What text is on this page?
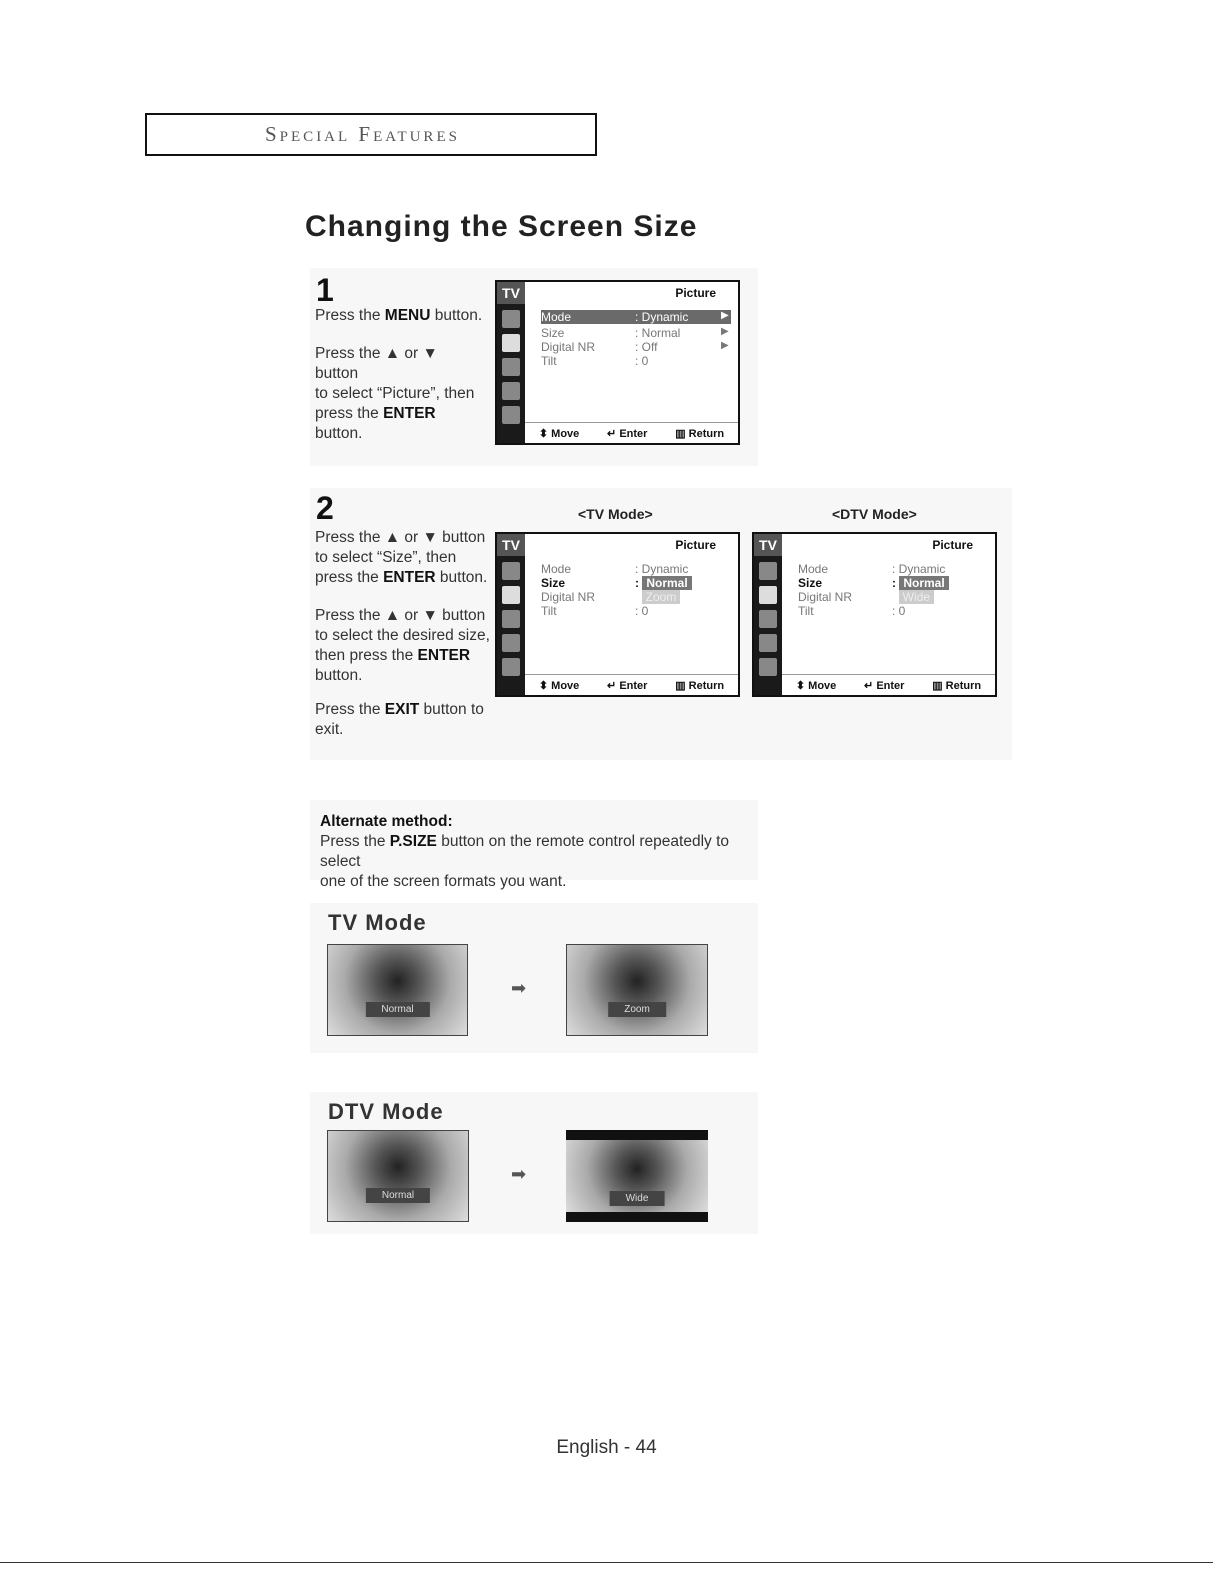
Special Features
Changing the Screen Size
1
Press the MENU button.
Press the ▲ or ▼ button
to select “Picture”, then
press the ENTER button.
TV	Picture
Mode	: Dynamic	▶
Size	: Normal	▶
Digital NR	: Off	▶
Tilt	: 0
⬍ Move	↵ Enter	▥ Return
2
Press the ▲ or ▼ button
to select “Size”, then
press the ENTER button.
Press the ▲ or ▼ button
to select the desired size,
then press the ENTER
button.
Press the EXIT button to
exit.
<TV Mode>	<DTV Mode>
TV	Picture
Mode	: Dynamic
Size	: Normal
Digital NR	Zoom
Tilt	: 0
⬍ Move	↵ Enter	▥ Return
TV	Picture
Mode	: Dynamic
Size	: Normal
Digital NR	Wide
Tilt	: 0
⬍ Move	↵ Enter	▥ Return
Alternate method:
Press the P.SIZE button on the remote control repeatedly to select
one of the screen formats you want.
TV Mode
Normal
➡
Zoom
DTV Mode
Normal
➡
Wide
English - 44
